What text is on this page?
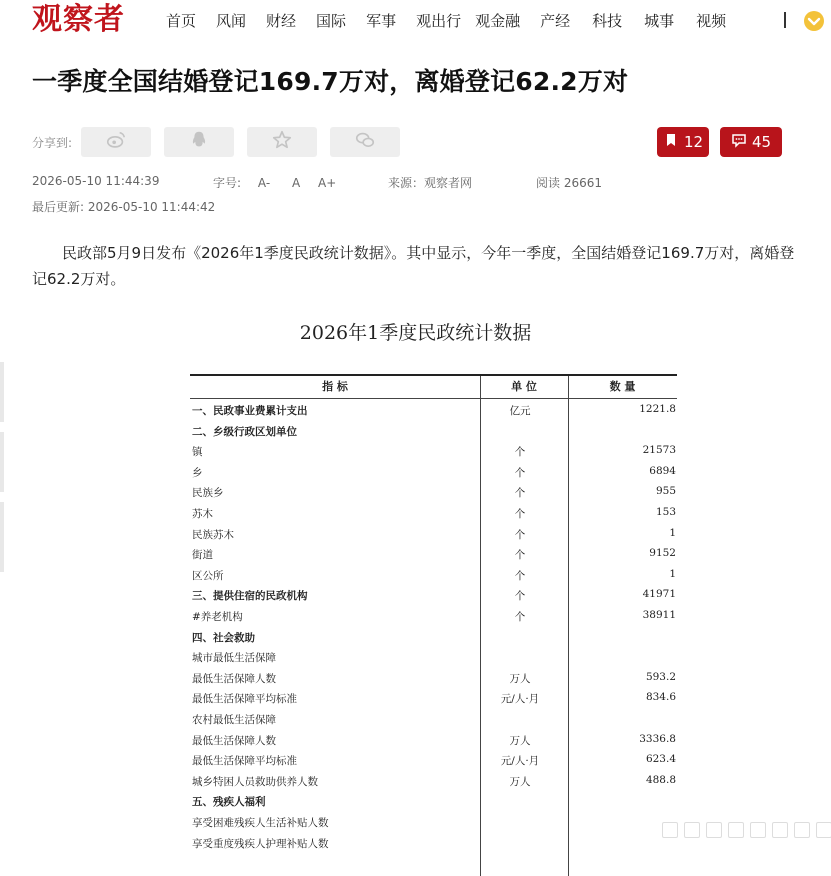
观察者	首页 风闻 财经 国际 军事 观出行 观金融 产经 科技 城事 视频
一季度全国结婚登记169.7万对，离婚登记62.2万对
分享到:	12	45
2026-05-10 11:44:39	字号: A- A A+	来源：观察者网	阅读 26661
最后更新: 2026-05-10 11:44:42

民政部5月9日发布《2026年1季度民政统计数据》。其中显示，今年一季度，全国结婚登记169.7万对，离婚登记62.2万对。

2026年1季度民政统计数据
指 标	单 位	数 量
一、民政事业费累计支出	亿元	1221.8
二、乡级行政区划单位
镇	个	21573
乡	个	6894
民族乡	个	955
苏木	个	153
民族苏木	个	1
街道	个	9152
区公所	个	1
三、提供住宿的民政机构	个	41971
#养老机构	个	38911
四、社会救助
城市最低生活保障
最低生活保障人数	万人	593.2
最低生活保障平均标准	元/人·月	834.6
农村最低生活保障
最低生活保障人数	万人	3336.8
最低生活保障平均标准	元/人·月	623.4
城乡特困人员救助供养人数	万人	488.8
五、残疾人福利
享受困难残疾人生活补贴人数
享受重度残疾人护理补贴人数
